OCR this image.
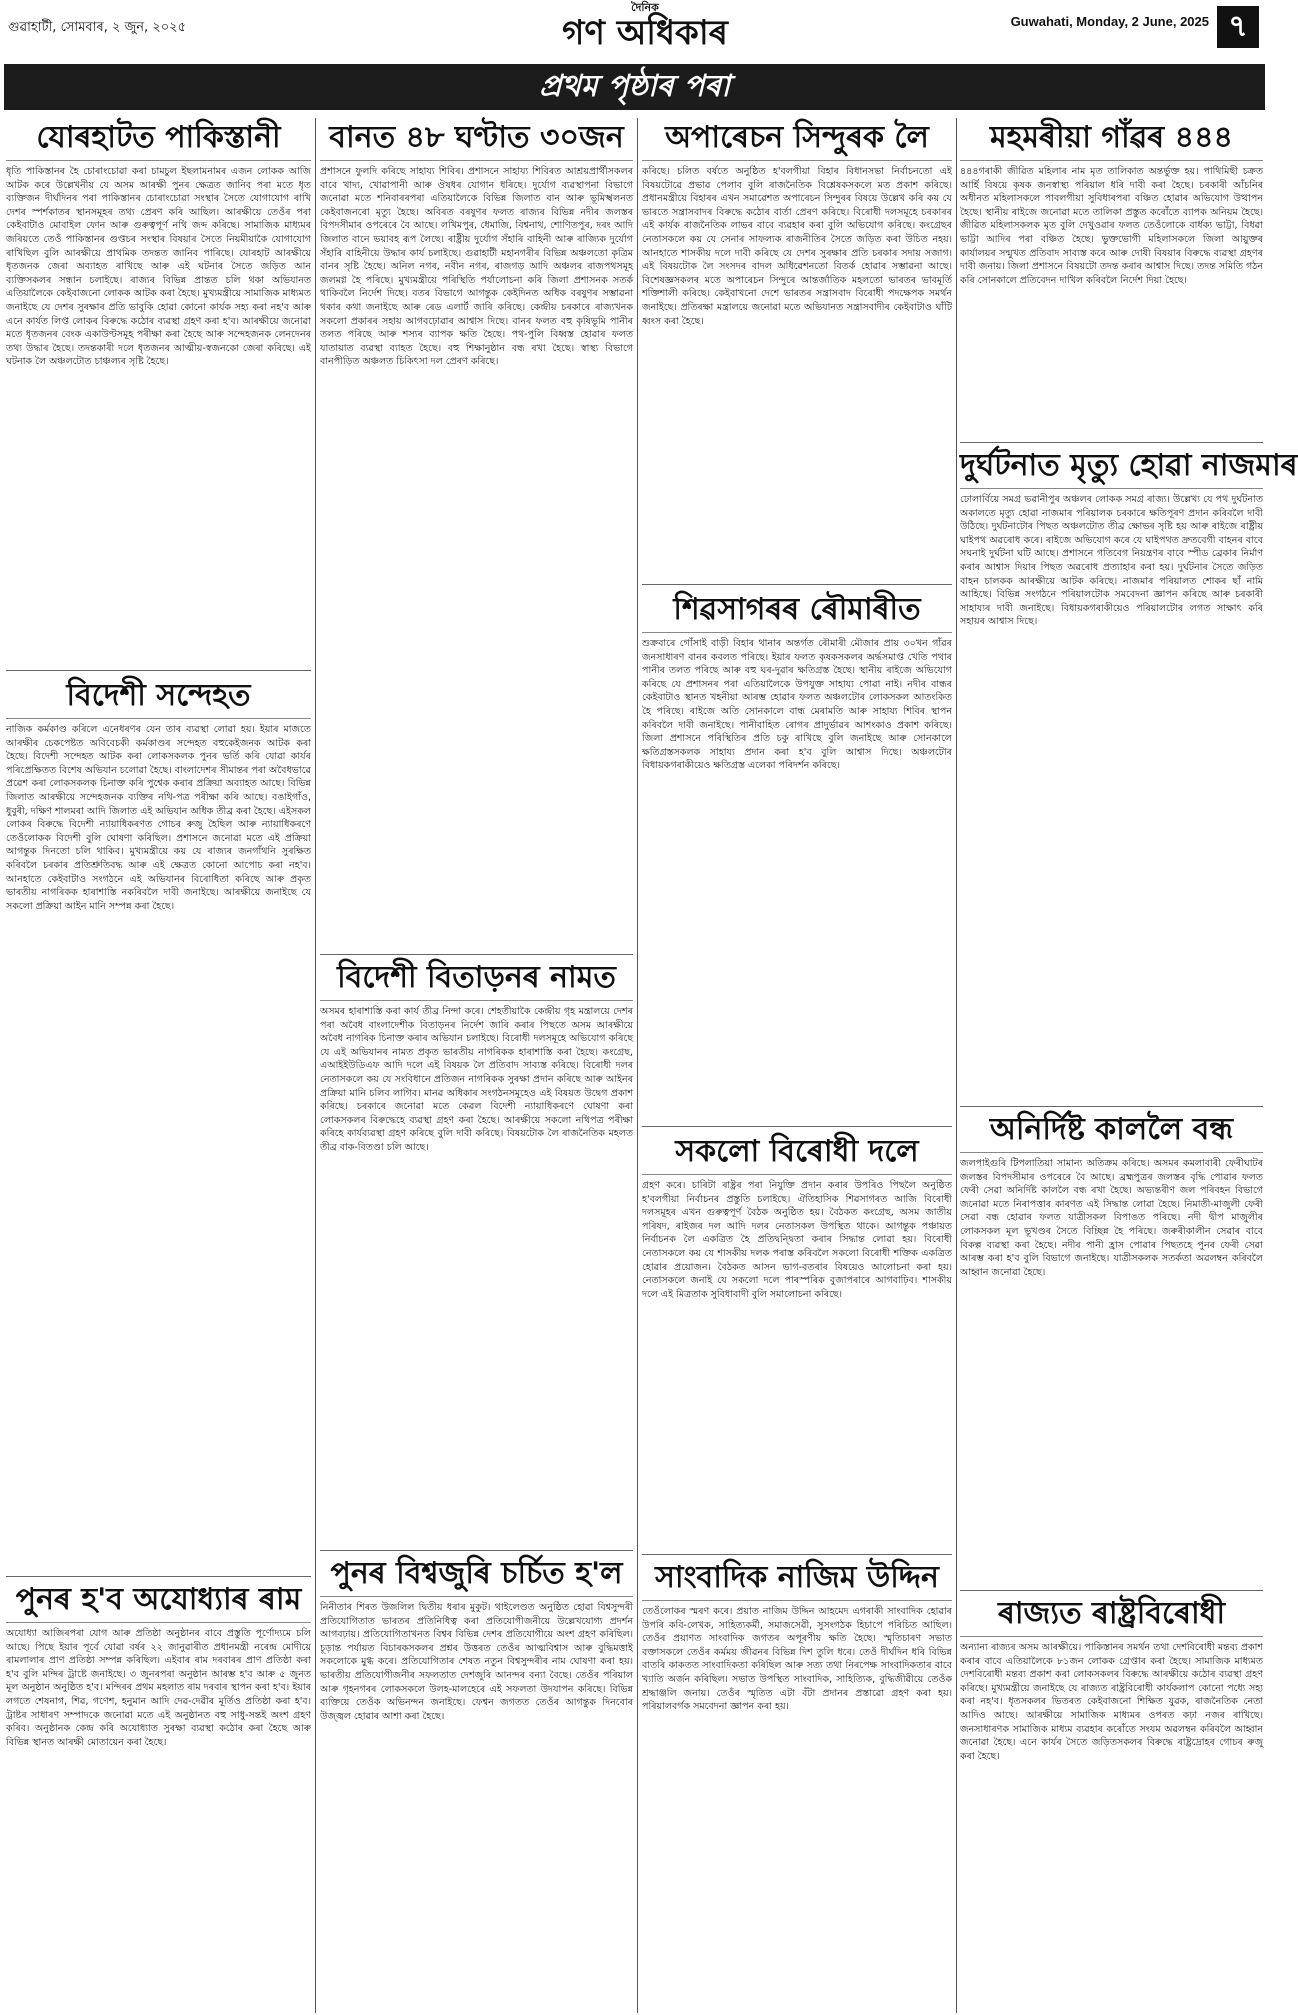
গুৱাহাটী, সোমবাৰ, ২ জুন, ২০২৫
দৈনিক
গণ অধিকাৰ	Guwahati, Monday, 2 June, 2025 ৭
প্ৰথম পৃষ্ঠাৰ পৰা
যোৰহাটত পাকিস্তানী
ধৃতি পাকিস্তানৰ হৈ চোৰাংচোৱা কৰা চামচুল ইছলামনামৰ এজন লোকক আজি আটক কৰে উল্লেখনীয় যে অসম আৰক্ষী পুনৰ ক্ষেত্ৰত জানিব পৰা মতে ধৃত ব্যক্তিজন দীৰ্ঘদিনৰ পৰা পাকিস্তানৰ চোৰাংচোৱা সংস্থাৰ সৈতে যোগাযোগ ৰাখি দেশৰ স্পৰ্শকাতৰ স্থানসমূহৰ তথ্য প্ৰেৰণ কৰি আছিল। আৰক্ষীয়ে তেওঁৰ পৰা কেইবাটাও মোবাইল ফোন আৰু গুৰুত্বপূৰ্ণ নথি জব্দ কৰিছে। সামাজিক মাধ্যমৰ জৰিয়তে তেওঁ পাকিস্তানৰ গুপ্তচৰ সংস্থাৰ বিষয়াৰ সৈতে নিয়মীয়াকৈ যোগাযোগ ৰাখিছিল বুলি আৰক্ষীয়ে প্ৰাথমিক তদন্তত জানিব পাৰিছে। যোৰহাট আৰক্ষীয়ে ধৃতজনক জেৰা অব্যাহত ৰাখিছে আৰু এই ঘটনাৰ সৈতে জড়িত আন ব্যক্তিসকলৰ সন্ধান চলাইছে। ৰাজ্যৰ বিভিন্ন প্ৰান্তত চলি থকা অভিযানত এতিয়ালৈকে কেইবাজনো লোকক আটক কৰা হৈছে। মুখ্যমন্ত্ৰীয়ে সামাজিক মাধ্যমত জনাইছে যে দেশৰ সুৰক্ষাৰ প্ৰতি ভাবুকি হোৱা কোনো কাৰ্যক সহ্য কৰা নহ'ব আৰু এনে কাৰ্যত লিপ্ত লোকৰ বিৰুদ্ধে কঠোৰ ব্যৱস্থা গ্ৰহণ কৰা হ'ব। আৰক্ষীয়ে জনোৱা মতে ধৃতজনৰ বেংক একাউণ্টসমূহ পৰীক্ষা কৰা হৈছে আৰু সন্দেহজনক লেনদেনৰ তথ্য উদ্ধাৰ হৈছে। তদন্তকাৰী দলে ধৃতজনৰ আত্মীয়-স্বজনকো জেৰা কৰিছে। এই ঘটনাক লৈ অঞ্চলটোত চাঞ্চল্যৰ সৃষ্টি হৈছে।
বিদেশী সন্দেহত
নাজিক কৰ্মকাণ্ড কৰিলে এনেধৰণৰ যেন তাৰ ব্যৱস্থা লোৱা হয়। ইয়াৰ মাজতে আৰক্ষীৰ চেকপেষ্টত অবিবেচকী কৰ্মকাণ্ডৰ সন্দেহত বহুকেইজনক আটক কৰা হৈছে। বিদেশী সন্দেহত আটক কৰা লোকসকলক পুনৰ ভৰ্তি কৰি যোৱা কাৰ্যৰ পৰিপ্ৰেক্ষিতত বিশেষ অভিযান চলোৱা হৈছে। বাংলাদেশৰ সীমান্তৰ পৰা অবৈধভাৱে প্ৰৱেশ কৰা লোকসকলক চিনাক্ত কৰি পুশ্বেক কৰাৰ প্ৰক্ৰিয়া অব্যাহত আছে। বিভিন্ন জিলাত আৰক্ষীয়ে সন্দেহজনক ব্যক্তিৰ নথি-পত্ৰ পৰীক্ষা কৰি আছে। বঙাইগাঁও, ধুবুৰী, দক্ষিণ শালমৰা আদি জিলাত এই অভিযান অধিক তীব্ৰ কৰা হৈছে। এইসকল লোকৰ বিৰুদ্ধে বিদেশী ন্যায়াধিকৰণত গোচৰ ৰুজু হৈছিল আৰু ন্যায়াধিকৰণে তেওঁলোকক বিদেশী বুলি ঘোষণা কৰিছিল। প্ৰশাসনে জনোৱা মতে এই প্ৰক্ৰিয়া আগন্তুক দিনতো চলি থাকিব। মুখ্যমন্ত্ৰীয়ে কয় যে ৰাজ্যৰ জনগাঁথনি সুৰক্ষিত কৰিবলৈ চৰকাৰ প্ৰতিশ্ৰুতিবদ্ধ আৰু এই ক্ষেত্ৰত কোনো আপোচ কৰা নহ'ব। আনহাতে কেইবাটাও সংগঠনে এই অভিযানৰ বিৰোধিতা কৰিছে আৰু প্ৰকৃত ভাৰতীয় নাগৰিকক হাৰাশাস্তি নকৰিবলৈ দাবী জনাইছে। আৰক্ষীয়ে জনাইছে যে সকলো প্ৰক্ৰিয়া আইন মানি সম্পন্ন কৰা হৈছে।
পুনৰ হ'ব অযোধ্যাৰ ৰাম
অযোধ্যা আজিৰপৰা যোগ আৰু প্ৰতিষ্ঠা অনুষ্ঠানৰ বাবে প্ৰস্তুতি পূৰ্ণোদ্যমে চলি আছে। পিছে ইয়াৰ পূৰ্বে যোৱা বৰ্ষৰ ২২ জানুৱাৰীত প্ৰধানমন্ত্ৰী নৰেন্দ্ৰ মোদীয়ে ৰামলালাৰ প্ৰাণ প্ৰতিষ্ঠা সম্পন্ন কৰিছিল। এইবাৰ ৰাম দৰবাৰৰ প্ৰাণ প্ৰতিষ্ঠা কৰা হ'ব বুলি মন্দিৰ ট্ৰাষ্টে জনাইছে। ৩ জুনৰপৰা অনুষ্ঠান আৰম্ভ হ'ব আৰু ৫ জুনত মূল অনুষ্ঠান অনুষ্ঠিত হ'ব। মন্দিৰৰ প্ৰথম মহলাত ৰাম দৰবাৰ স্থাপন কৰা হ'ব। ইয়াৰ লগতে শেষনাগ, শিৱ, গণেশ, হনুমান আদি দেৱ-দেৱীৰ মূৰ্তিও প্ৰতিষ্ঠা কৰা হ'ব। ট্ৰাষ্টৰ সাধাৰণ সম্পাদকে জনোৱা মতে এই অনুষ্ঠানত বহু সাধু-সন্তই অংশ গ্ৰহণ কৰিব। অনুষ্ঠানক কেন্দ্ৰ কৰি অযোধ্যাত সুৰক্ষা ব্যৱস্থা কঠোৰ কৰা হৈছে আৰু বিভিন্ন স্থানত আৰক্ষী মোতায়েন কৰা হৈছে।
বানত ৪৮ ঘণ্টাত ৩০জন
প্ৰশাসনে ফুলদি কৰিছে সাহায্য শিবিৰ। প্ৰশাসনে সাহায্য শিবিৰত আশ্ৰয়প্ৰাৰ্থীসকলৰ বাবে খাদ্য, খোৱাপানী আৰু ঔষধৰ যোগান ধৰিছে। দুৰ্যোগ ব্যৱস্থাপনা বিভাগে জনোৱা মতে শনিবাৰৰপৰা এতিয়ালৈকে বিভিন্ন জিলাত বান আৰু ভূমিস্খলনত কেইবাজনৰো মৃত্যু হৈছে। অবিৰত বৰষুণৰ ফলত ৰাজ্যৰ বিভিন্ন নদীৰ জলস্তৰ বিপদসীমাৰ ওপৰেৰে বৈ আছে। লখিমপুৰ, ধেমাজি, বিশ্বনাথ, শোণিতপুৰ, দৰং আদি জিলাত বানে ভয়াবহ ৰূপ লৈছে। ৰাষ্ট্ৰীয় দুৰ্যোগ সঁহাৰি বাহিনী আৰু ৰাজ্যিক দুৰ্যোগ সঁহাৰি বাহিনীয়ে উদ্ধাৰ কাৰ্য চলাইছে। গুৱাহাটী মহানগৰীৰ বিভিন্ন অঞ্চলতো কৃত্ৰিম বানৰ সৃষ্টি হৈছে। অনিল নগৰ, নবীন নগৰ, ৰাজগড় আদি অঞ্চলৰ ৰাজপথসমূহ জলমগ্ন হৈ পৰিছে। মুখ্যমন্ত্ৰীয়ে পৰিস্থিতি পৰ্যালোচনা কৰি জিলা প্ৰশাসনক সতৰ্ক থাকিবলৈ নিৰ্দেশ দিছে। বতৰ বিভাগে আগন্তুক কেইদিনত অধিক বৰষুণৰ সম্ভাৱনা থকাৰ কথা জনাইছে আৰু ৰেড এলাৰ্ট জাৰি কৰিছে। কেন্দ্ৰীয় চৰকাৰে ৰাজ্যখনক সকলো প্ৰকাৰৰ সহায় আগবঢ়োৱাৰ আশ্বাস দিছে। বানৰ ফলত বহু কৃষিভূমি পানীৰ তলত পৰিছে আৰু শস্যৰ ব্যাপক ক্ষতি হৈছে। পথ-পুলি বিধ্বস্ত হোৱাৰ ফলত যাতায়াত ব্যৱস্থা ব্যাহত হৈছে। বহু শিক্ষানুষ্ঠান বন্ধ ৰখা হৈছে। স্বাস্থ্য বিভাগে বানপীড়িত অঞ্চলত চিকিৎসা দল প্ৰেৰণ কৰিছে।
বিদেশী বিতাড়নৰ নামত
অসমৰ হাৰাশাস্তি কৰা কাৰ্য তীব্ৰ নিন্দা কৰে। শেহতীয়াকৈ কেন্দ্ৰীয় গৃহ মন্ত্ৰালয়ে দেশৰ পৰা অবৈধ বাংলাদেশীক বিতাড়নৰ নিৰ্দেশ জাৰি কৰাৰ পিছতে অসম আৰক্ষীয়ে অবৈধ নাগৰিক চিনাক্ত কৰাৰ অভিযান চলাইছে। বিৰোধী দলসমূহে অভিযোগ কৰিছে যে এই অভিযানৰ নামত প্ৰকৃত ভাৰতীয় নাগৰিকক হাৰাশাস্তি কৰা হৈছে। কংগ্ৰেছ, এআইইউডিএফ আদি দলে এই বিষয়ক লৈ প্ৰতিবাদ সাব্যস্ত কৰিছে। বিৰোধী দলৰ নেতাসকলে কয় যে সংবিধানে প্ৰতিজন নাগৰিকক সুৰক্ষা প্ৰদান কৰিছে আৰু আইনৰ প্ৰক্ৰিয়া মানি চলিব লাগিব। মানৱ অধিকাৰ সংগঠনসমূহেও এই বিষয়ত উদ্বেগ প্ৰকাশ কৰিছে। চৰকাৰে জনোৱা মতে কেৱল বিদেশী ন্যায়াধিকৰণে ঘোষণা কৰা লোকসকলৰ বিৰুদ্ধেহে ব্যৱস্থা গ্ৰহণ কৰা হৈছে। আৰক্ষীয়ে সকলো নথিপত্ৰ পৰীক্ষা কৰিহে কাৰ্যব্যৱস্থা গ্ৰহণ কৰিছে বুলি দাবী কৰিছে। বিষয়টোক লৈ ৰাজনৈতিক মহলত তীব্ৰ বাক-বিতণ্ডা চলি আছে।
পুনৰ বিশ্বজুৰি চৰ্চিত হ'ল
নিনীতাৰ শিৰত উজলিল দ্বিতীয় ধৰাৰ মুকুট। থাইলেণ্ডত অনুষ্ঠিত হোৱা বিশ্বসুন্দৰী প্ৰতিযোগিতাত ভাৰতৰ প্ৰতিনিধিত্ব কৰা প্ৰতিযোগীজনীয়ে উল্লেখযোগ্য প্ৰদৰ্শন আগবঢ়ায়। প্ৰতিযোগিতাখনত বিশ্বৰ বিভিন্ন দেশৰ প্ৰতিযোগীয়ে অংশ গ্ৰহণ কৰিছিল। চূড়ান্ত পৰ্যায়ত বিচাৰকসকলৰ প্ৰশ্নৰ উত্তৰত তেওঁৰ আত্মবিশ্বাস আৰু বুদ্ধিমত্তাই সকলোকে মুগ্ধ কৰে। প্ৰতিযোগিতাৰ শেষত নতুন বিশ্বসুন্দৰীৰ নাম ঘোষণা কৰা হয়। ভাৰতীয় প্ৰতিযোগীজনীৰ সফলতাত দেশজুৰি আনন্দৰ বন্যা বৈছে। তেওঁৰ পৰিয়াল আৰু গৃহনগৰৰ লোকসকলে উলহ-মালহেৰে এই সফলতা উদযাপন কৰিছে। বিভিন্ন ব্যক্তিয়ে তেওঁক অভিনন্দন জনাইছে। ফেশ্বন জগতত তেওঁৰ আগন্তুক দিনবোৰ উজ্জ্বল হোৱাৰ আশা কৰা হৈছে।
অপাৰেচন সিন্দুৰক লৈ
কৰিছে। চলিত বৰ্ষতে অনুষ্ঠিত হ'বলগীয়া বিহাৰ বিধানসভা নিৰ্বাচনতো এই বিষয়টোৱে প্ৰভাৱ পেলাব বুলি ৰাজনৈতিক বিশ্লেষকসকলে মত প্ৰকাশ কৰিছে। প্ৰধানমন্ত্ৰীয়ে বিহাৰৰ এখন সমাৱেশত অপাৰেচন সিন্দুৰৰ বিষয়ে উল্লেখ কৰি কয় যে ভাৰতে সন্ত্ৰাসবাদৰ বিৰুদ্ধে কঠোৰ বাৰ্তা প্ৰেৰণ কৰিছে। বিৰোধী দলসমূহে চৰকাৰৰ এই কাৰ্যক ৰাজনৈতিক লাভৰ বাবে ব্যৱহাৰ কৰা বুলি অভিযোগ কৰিছে। কংগ্ৰেছৰ নেতাসকলে কয় যে সেনাৰ সাফল্যক ৰাজনীতিৰ সৈতে জড়িত কৰা উচিত নহয়। আনহাতে শাসকীয় দলে দাবী কৰিছে যে দেশৰ সুৰক্ষাৰ প্ৰতি চৰকাৰ সদায় সজাগ। এই বিষয়টোক লৈ সংসদৰ বাদল অধিৱেশনতো বিতৰ্ক হোৱাৰ সম্ভাৱনা আছে। বিশেষজ্ঞসকলৰ মতে অপাৰেচন সিন্দুৰে আন্তৰ্জাতিক মহলতো ভাৰতৰ ভাবমূৰ্তি শক্তিশালী কৰিছে। কেইবাখনো দেশে ভাৰতৰ সন্ত্ৰাসবাদ বিৰোধী পদক্ষেপক সমৰ্থন জনাইছে। প্ৰতিৰক্ষা মন্ত্ৰালয়ে জনোৱা মতে অভিযানত সন্ত্ৰাসবাদীৰ কেইবাটাও ঘাঁটি ধ্বংস কৰা হৈছে।
শিৱসাগৰৰ ৰৌমাৰীত
শুক্ৰবাৰে গোঁসাই বাড়ী বিহাৰ থানাৰ অন্তৰ্গত ৰৌমাৰী মৌজাৰ প্ৰায় ৩০খন গাঁৱৰ জনসাধাৰণ বানৰ কবলত পৰিছে। ইয়াৰ ফলত কৃষকসকলৰ অৰ্দ্ধসমাপ্ত খেতি পথাৰ পানীৰ তলত পৰিছে আৰু বহু ঘৰ-দুৱাৰ ক্ষতিগ্ৰস্ত হৈছে। স্থানীয় ৰাইজে অভিযোগ কৰিছে যে প্ৰশাসনৰ পৰা এতিয়ালৈকে উপযুক্ত সাহায্য পোৱা নাই। নদীৰ বান্ধৰ কেইবাটাও স্থানত খহনীয়া আৰম্ভ হোৱাৰ ফলত অঞ্চলটোৰ লোকসকল আতংকিত হৈ পৰিছে। ৰাইজে অতি সোনকালে বান্ধ মেৰামতি আৰু সাহায্য শিবিৰ স্থাপন কৰিবলৈ দাবী জনাইছে। পানীবাহিত ৰোগৰ প্ৰাদুৰ্ভাৱৰ আশংকাও প্ৰকাশ কৰিছে। জিলা প্ৰশাসনে পৰিস্থিতিৰ প্ৰতি চকু ৰাখিছে বুলি জনাইছে আৰু সোনকালে ক্ষতিগ্ৰস্তসকলক সাহায্য প্ৰদান কৰা হ'ব বুলি আশ্বাস দিছে। অঞ্চলটোৰ বিধায়কগৰাকীয়েও ক্ষতিগ্ৰস্ত এলেকা পৰিদৰ্শন কৰিছে।
সকলো বিৰোধী দলে
গ্ৰহণ কৰে। চাৰিটা ৰাষ্ট্ৰৰ পৰা নিযুক্তি প্ৰদান কৰাৰ উপৰিও পিছলৈ অনুষ্ঠিত হ'বলগীয়া নিৰ্বাচনৰ প্ৰস্তুতি চলাইছে। ঐতিহাসিক শিৱসাগৰত আজি বিৰোধী দলসমূহৰ এখন গুৰুত্বপূৰ্ণ বৈঠক অনুষ্ঠিত হয়। বৈঠকত কংগ্ৰেছ, অসম জাতীয় পৰিষদ, ৰাইজৰ দল আদি দলৰ নেতাসকল উপস্থিত থাকে। আগন্তুক পঞ্চায়ত নিৰ্বাচনক লৈ একত্ৰিত হৈ প্ৰতিদ্বন্দ্বিতা কৰাৰ সিদ্ধান্ত লোৱা হয়। বিৰোধী নেতাসকলে কয় যে শাসকীয় দলক পৰাস্ত কৰিবলৈ সকলো বিৰোধী শক্তিক একত্ৰিত হোৱাৰ প্ৰয়োজন। বৈঠকত আসন ভাগ-বতৰাৰ বিষয়েও আলোচনা কৰা হয়। নেতাসকলে জনাই যে সকলো দলে পাৰস্পৰিক বুজাপৰাৰে আগবাঢ়িব। শাসকীয় দলে এই মিত্ৰতাক সুবিধাবাদী বুলি সমালোচনা কৰিছে।
সাংবাদিক নাজিম উদ্দিন
তেওঁলোকৰ স্মৰণ কৰে। প্ৰয়াত নাজিম উদ্দিন আহমেদ এগৰাকী সাংবাদিক হোৱাৰ উপৰি কবি-লেখক, সাহিত্যকৰ্মী, সমাজসেৱী, সুসংগঠক হিচাপে পৰিচিত আছিল। তেওঁৰ প্ৰয়াণত সাংবাদিক জগতৰ অপূৰণীয় ক্ষতি হৈছে। স্মৃতিচাৰণ সভাত বক্তাসকলে তেওঁৰ কৰ্মময় জীৱনৰ বিভিন্ন দিশ তুলি ধৰে। তেওঁ দীৰ্ঘদিন ধৰি বিভিন্ন বাতৰি কাকতত সাংবাদিকতা কৰিছিল আৰু সত্য তথা নিৰপেক্ষ সাংবাদিকতাৰ বাবে খ্যাতি অৰ্জন কৰিছিল। সভাত উপস্থিত সাংবাদিক, সাহিত্যিক, বুদ্ধিজীৱীয়ে তেওঁক শ্ৰদ্ধাঞ্জলি জনায়। তেওঁৰ স্মৃতিত এটা বঁটা প্ৰদানৰ প্ৰস্তাৱো গ্ৰহণ কৰা হয়। পৰিয়ালবৰ্গক সমবেদনা জ্ঞাপন কৰা হয়।
মহমৰীয়া গাঁৱৰ ৪৪৪
৪৪৪গৰাকী জীৱিত মহিলাৰ নাম মৃত তালিকাত অন্তৰ্ভুক্ত হয়। পাথিমিছী চক্ৰত আৰ্হি বিষয়ে কৃষক জনস্বাস্থ্য পৰিয়াল ধৰি দাবী কৰা হৈছে। চৰকাৰী আঁচনিৰ অধীনত মহিলাসকলে পাবলগীয়া সুবিধাৰপৰা বঞ্চিত হোৱাৰ অভিযোগ উত্থাপন হৈছে। স্থানীয় ৰাইজে জনোৱা মতে তালিকা প্ৰস্তুত কৰোঁতে ব্যাপক অনিয়ম হৈছে। জীৱিত মহিলাসকলক মৃত বুলি দেখুওৱাৰ ফলত তেওঁলোকে বাৰ্ধক্য ভাট্টা, বিধৱা ভাট্টা আদিৰ পৰা বঞ্চিত হৈছে। ভুক্তভোগী মহিলাসকলে জিলা আয়ুক্তৰ কাৰ্যালয়ৰ সন্মুখত প্ৰতিবাদ সাব্যস্ত কৰে আৰু দোষী বিষয়াৰ বিৰুদ্ধে ব্যৱস্থা গ্ৰহণৰ দাবী জনায়। জিলা প্ৰশাসনে বিষয়টো তদন্ত কৰাৰ আশ্বাস দিছে। তদন্ত সমিতি গঠন কৰি সোনকালে প্ৰতিবেদন দাখিল কৰিবলৈ নিৰ্দেশ দিয়া হৈছে।
দুৰ্ঘটনাত মৃত্যু হোৱা নাজমাৰ
ঢোলাৰ্বিয়ে সমগ্ৰ ভৱানীপুৰ অঞ্চলৰ লোকক সমগ্ৰ ৰাজ্য। উল্লেখ্য যে পথ দুৰ্ঘটনাত অকালতে মৃত্যু হোৱা নাজমাৰ পৰিয়ালক চৰকাৰে ক্ষতিপূৰণ প্ৰদান কৰিবলৈ দাবী উঠিছে। দুৰ্ঘটনাটোৰ পিছত অঞ্চলটোত তীব্ৰ ক্ষোভৰ সৃষ্টি হয় আৰু ৰাইজে ৰাষ্ট্ৰীয় ঘাইপথ অৱৰোধ কৰে। ৰাইজে অভিযোগ কৰে যে ঘাইপথত দ্ৰুতবেগী বাহনৰ বাবে সঘনাই দুৰ্ঘটনা ঘটি আছে। প্ৰশাসনে গতিবেগ নিয়ন্ত্ৰণৰ বাবে স্পীড ব্ৰেকাৰ নিৰ্মাণ কৰাৰ আশ্বাস দিয়াৰ পিছত অৱৰোধ প্ৰত্যাহাৰ কৰা হয়। দুৰ্ঘটনাৰ সৈতে জড়িত বাহন চালকক আৰক্ষীয়ে আটক কৰিছে। নাজমাৰ পৰিয়ালত শোকৰ ছাঁ নামি আহিছে। বিভিন্ন সংগঠনে পৰিয়ালটোক সমবেদনা জ্ঞাপন কৰিছে আৰু চৰকাৰী সাহায্যৰ দাবী জনাইছে। বিধায়কগৰাকীয়েও পৰিয়ালটোৰ লগত সাক্ষাৎ কৰি সহায়ৰ আশ্বাস দিছে।
অনিৰ্দিষ্ট কাললৈ বন্ধ
জলপাইগুৰি টিপলাতিয়া সামান্য অতিক্ৰম কৰিছে। অসমৰ কমলাবাৰী ফেৰীঘাটৰ জলস্তৰ বিপদসীমাৰ ওপৰেৰে বৈ আছে। ব্ৰহ্মপুত্ৰৰ জলস্তৰ বৃদ্ধি পোৱাৰ ফলত ফেৰী সেৱা অনিৰ্দিষ্ট কাললৈ বন্ধ ৰখা হৈছে। অভ্যন্তৰীণ জল পৰিবহন বিভাগে জনোৱা মতে নিৰাপত্তাৰ কাৰণত এই সিদ্ধান্ত লোৱা হৈছে। নিমাতী-মাজুলী ফেৰী সেৱা বন্ধ হোৱাৰ ফলত যাত্ৰীসকল বিপাঙত পৰিছে। নদী দ্বীপ মাজুলীৰ লোকসকল মূল ভূখণ্ডৰ সৈতে বিচ্ছিন্ন হৈ পৰিছে। জৰুৰীকালীন সেৱাৰ বাবে বিকল্প ব্যৱস্থা কৰা হৈছে। নদীৰ পানী হ্ৰাস পোৱাৰ পিছতহে পুনৰ ফেৰী সেৱা আৰম্ভ কৰা হ'ব বুলি বিভাগে জনাইছে। যাত্ৰীসকলক সতৰ্কতা অৱলম্বন কৰিবলৈ আহ্বান জনোৱা হৈছে।
ৰাজ্যত ৰাষ্ট্ৰবিৰোধী
অন্যান্য ৰাজ্যৰ অসম আৰক্ষীয়ে। পাকিস্তানৰ সমৰ্থন তথা দেশবিৰোধী মন্তব্য প্ৰকাশ কৰাৰ বাবে এতিয়ালৈকে ৮১জন লোকক গ্ৰেপ্তাৰ কৰা হৈছে। সামাজিক মাধ্যমত দেশবিৰোধী মন্তব্য প্ৰকাশ কৰা লোকসকলৰ বিৰুদ্ধে আৰক্ষীয়ে কঠোৰ ব্যৱস্থা গ্ৰহণ কৰিছে। মুখ্যমন্ত্ৰীয়ে জনাইছে যে ৰাজ্যত ৰাষ্ট্ৰবিৰোধী কাৰ্যকলাপ কোনো পধ্যে সহ্য কৰা নহ'ব। ধৃতসকলৰ ভিতৰত কেইবাজনো শিক্ষিত যুৱক, ৰাজনৈতিক নেতা আদিও আছে। আৰক্ষীয়ে সামাজিক মাধ্যমৰ ওপৰত কঢ়া নজৰ ৰাখিছে। জনসাধাৰণক সামাজিক মাধ্যম ব্যৱহাৰ কৰোঁতে সংযম অৱলম্বন কৰিবলৈ আহ্বান জনোৱা হৈছে। এনে কাৰ্যৰ সৈতে জড়িতসকলৰ বিৰুদ্ধে ৰাষ্ট্ৰদ্ৰোহৰ গোচৰ ৰুজু কৰা হৈছে।
